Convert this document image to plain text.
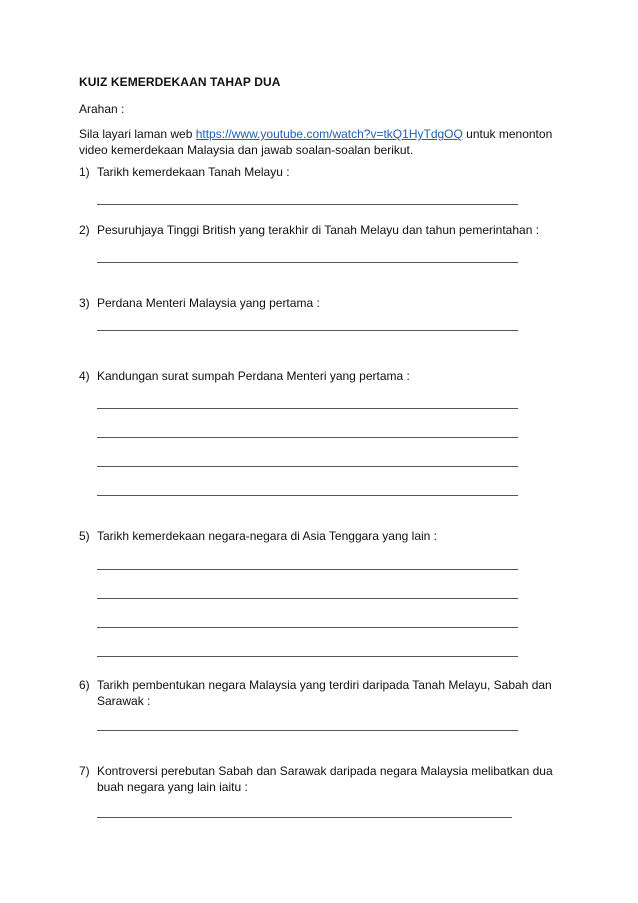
KUIZ KEMERDEKAAN TAHAP DUA
Arahan :
Sila layari laman web https://www.youtube.com/watch?v=tkQ1HyTdgOQ untuk menonton video kemerdekaan Malaysia dan jawab soalan-soalan berikut.
1) Tarikh kemerdekaan Tanah Melayu :
2) Pesuruhjaya Tinggi British yang terakhir di Tanah Melayu dan tahun pemerintahan :
3) Perdana Menteri Malaysia yang pertama :
4) Kandungan surat sumpah Perdana Menteri yang pertama :
5) Tarikh kemerdekaan negara-negara di Asia Tenggara yang lain :
6) Tarikh pembentukan negara Malaysia yang terdiri daripada Tanah Melayu, Sabah dan Sarawak :
7) Kontroversi perebutan Sabah dan Sarawak daripada negara Malaysia melibatkan dua buah negara yang lain iaitu :
